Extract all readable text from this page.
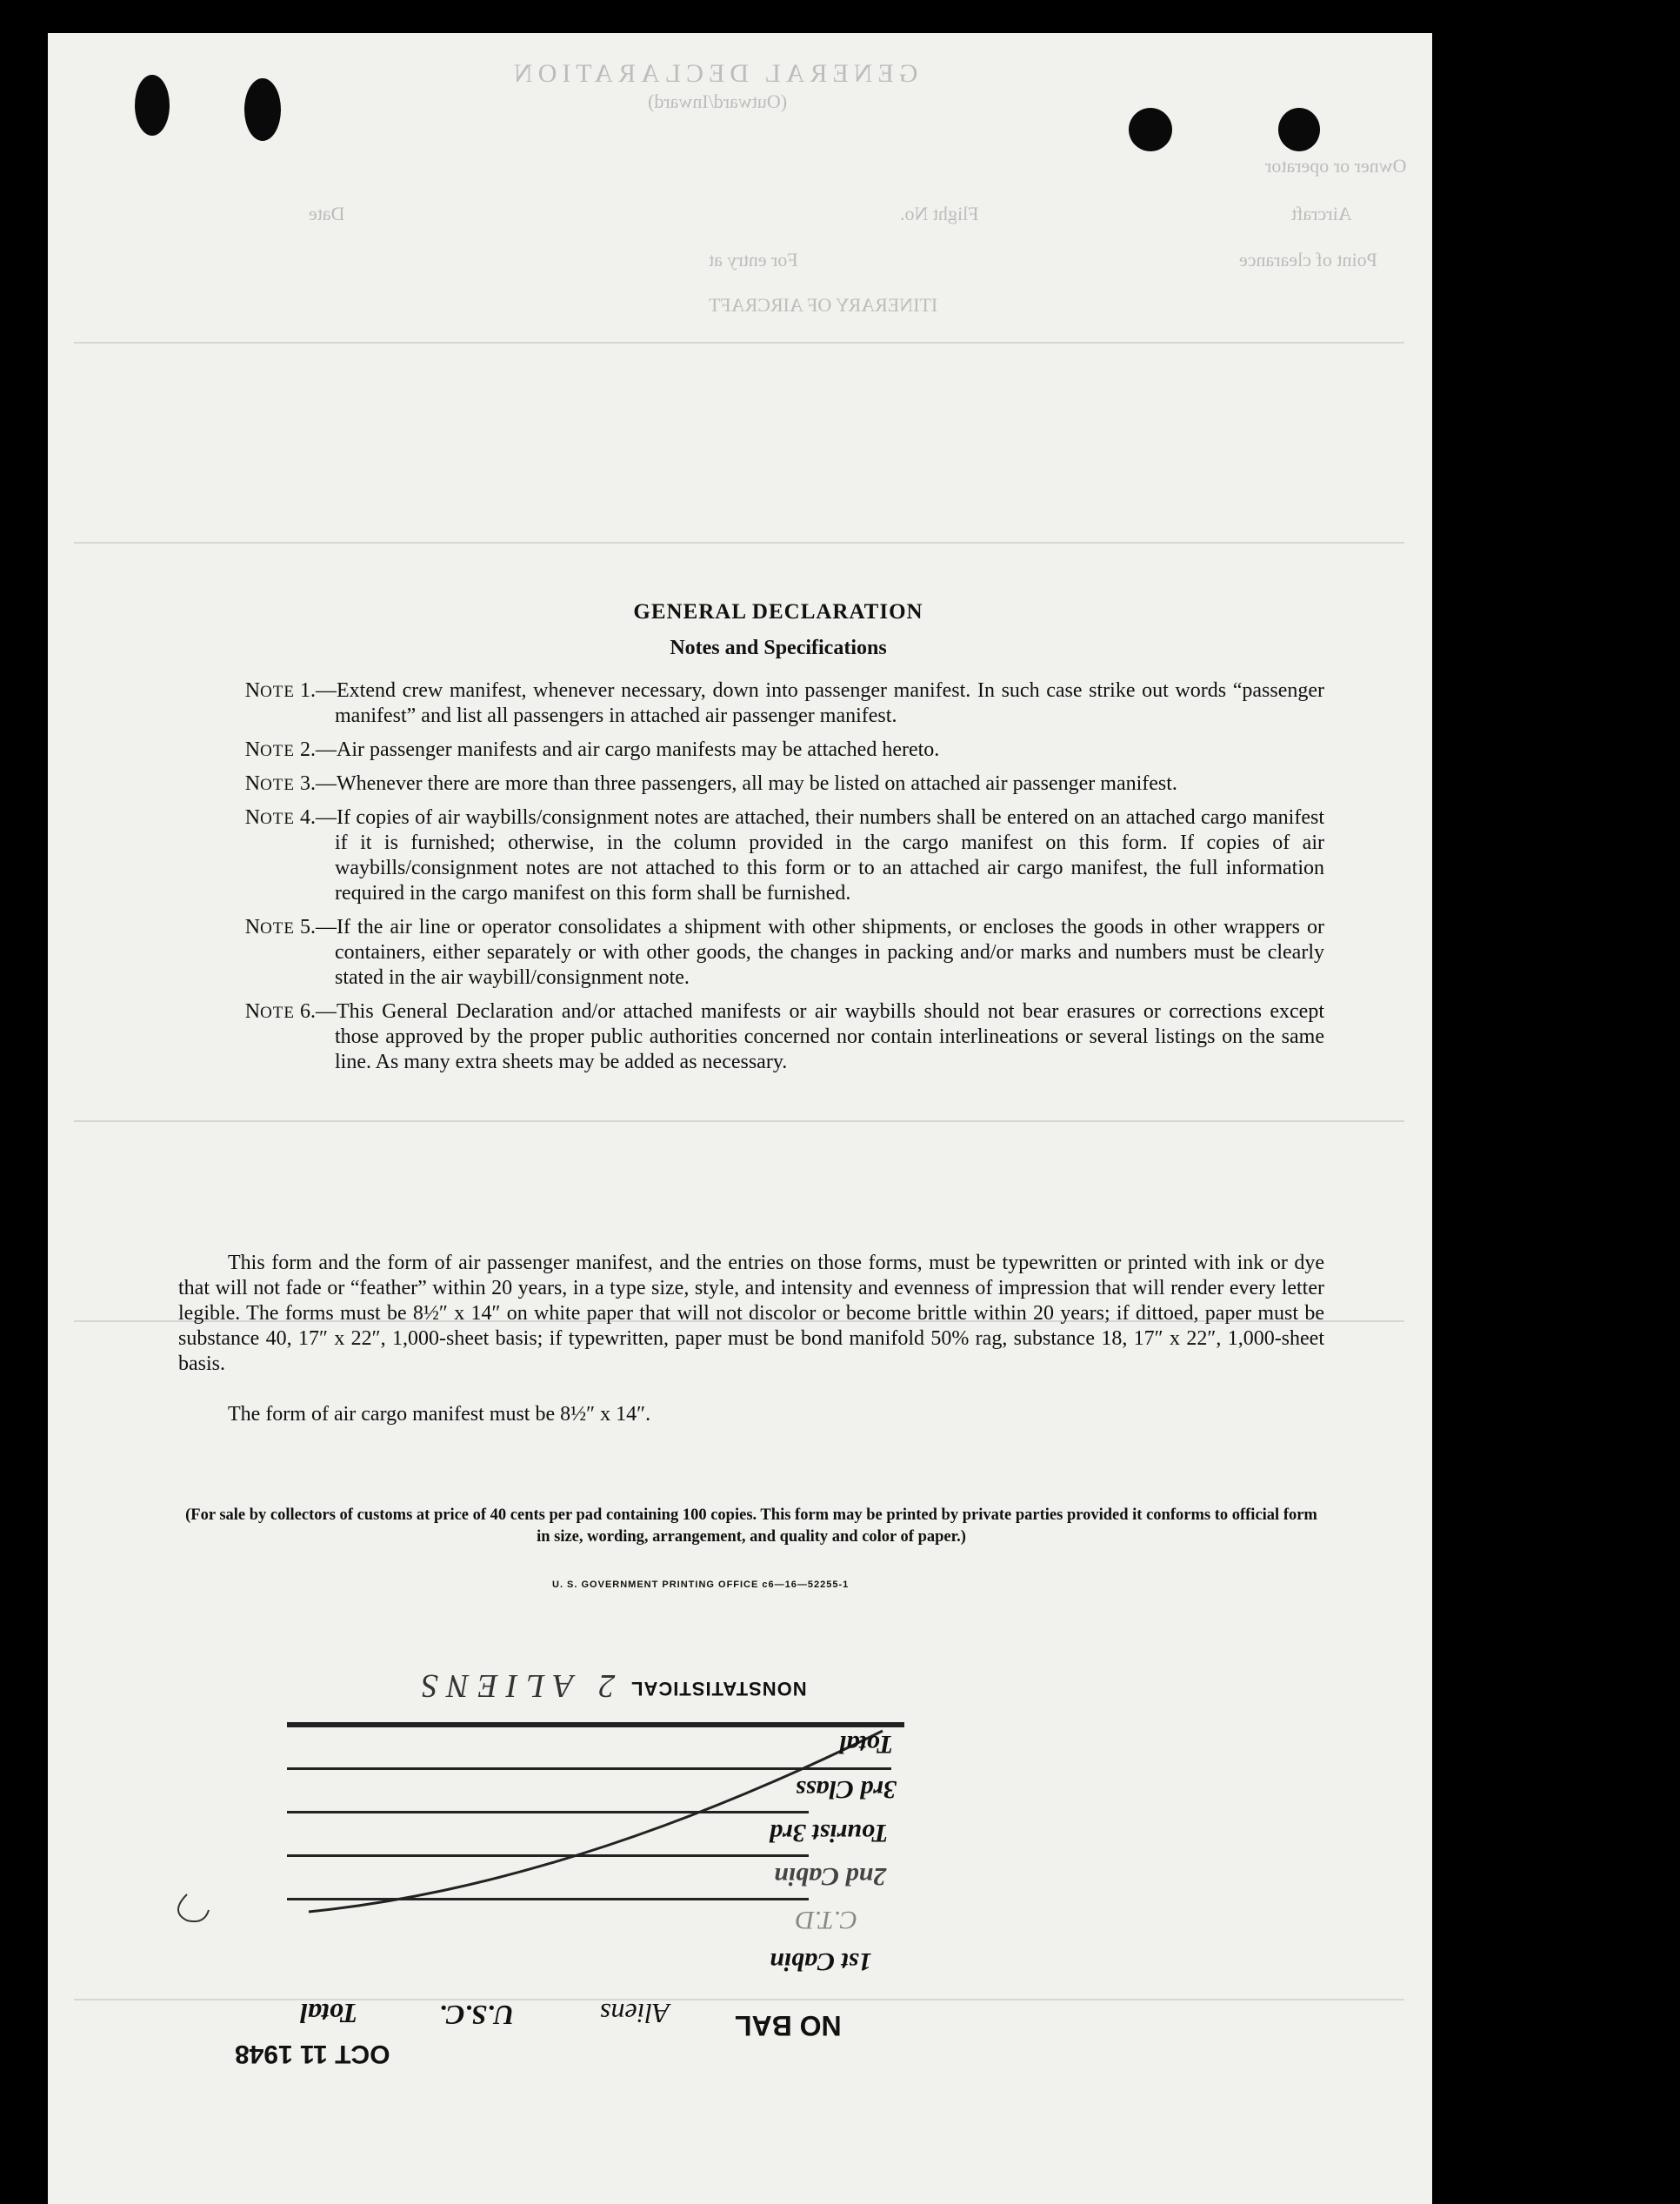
GENERAL DECLARATION
(Outward/Inward)
Owner or operator
Aircraft
Flight No.
Date
Point of clearance
For entry at
ITINERARY OF AIRCRAFT
GENERAL DECLARATION
Notes and Specifications
NOTE 1. —Extend crew manifest, whenever necessary, down into passenger manifest. In such case strike out words “passenger manifest” and list all passengers in attached air passenger manifest.
NOTE 2. —Air passenger manifests and air cargo manifests may be attached hereto.
NOTE 3. —Whenever there are more than three passengers, all may be listed on attached air passenger manifest.
NOTE 4. —If copies of air waybills/consignment notes are attached, their numbers shall be entered on an attached cargo manifest if it is furnished; otherwise, in the column provided in the cargo manifest on this form. If copies of air waybills/consignment notes are not attached to this form or to an attached air cargo manifest, the full information required in the cargo manifest on this form shall be furnished.
NOTE 5. —If the air line or operator consolidates a shipment with other shipments, or encloses the goods in other wrappers or containers, either separately or with other goods, the changes in packing and/or marks and numbers must be clearly stated in the air waybill/consignment note.
NOTE 6. —This General Declaration and/or attached manifests or air waybills should not bear erasures or corrections except those approved by the proper public authorities concerned nor contain interlineations or several listings on the same line. As many extra sheets may be added as necessary.
This form and the form of air passenger manifest, and the entries on those forms, must be typewritten or printed with ink or dye that will not fade or “feather” within 20 years, in a type size, style, and intensity and evenness of impression that will render every letter legible. The forms must be 8½″ x 14″ on white paper that will not discolor or become brittle within 20 years; if dittoed, paper must be substance 40, 17″ x 22″, 1,000-sheet basis; if typewritten, paper must be bond manifold 50% rag, substance 18, 17″ x 22″, 1,000-sheet basis.
The form of air cargo manifest must be 8½″ x 14″.
(For sale by collectors of customs at price of 40 cents per pad containing 100 copies. This form may be printed by private parties provided it conforms to official form in size, wording, arrangement, and quality and color of paper.)
U. S. GOVERNMENT PRINTING OFFICE c6—16—52255-1
NONSTATISTICAL
2 ALIENS
Total
3rd Class
Tourist 3rd
2nd Cabin
C.T.D
1st Cabin
NO BAL
Aliens
U.S.C.
Total
OCT 11 1948
